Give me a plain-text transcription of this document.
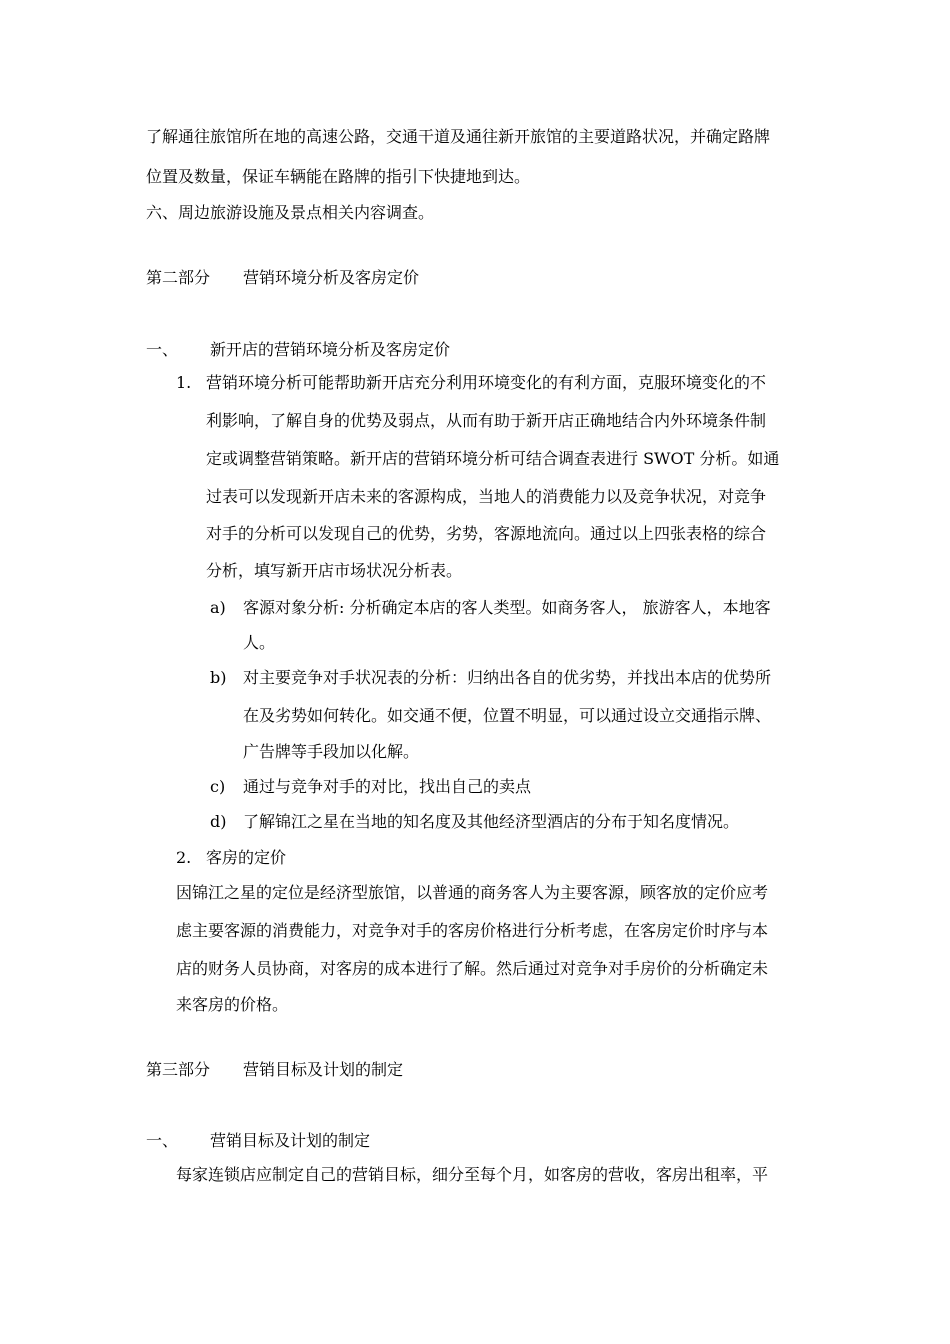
了解通往旅馆所在地的高速公路，交通干道及通往新开旅馆的主要道路状况，并确定路牌
位置及数量，保证车辆能在路牌的指引下快捷地到达。
六、周边旅游设施及景点相关内容调查。
第二部分 营销环境分析及客房定价
一、 新开店的营销环境分析及客房定价
1. 营销环境分析可能帮助新开店充分利用环境变化的有利方面，克服环境变化的不
利影响，了解自身的优势及弱点，从而有助于新开店正确地结合内外环境条件制
定或调整营销策略。新开店的营销环境分析可结合调查表进行 SWOT 分析。如通
过表可以发现新开店未来的客源构成，当地人的消费能力以及竞争状况，对竞争
对手的分析可以发现自己的优势，劣势，客源地流向。通过以上四张表格的综合
分析，填写新开店市场状况分析表。
a) 客源对象分析: 分析确定本店的客人类型。如商务客人， 旅游客人，本地客
人。
b) 对主要竞争对手状况表的分析：归纳出各自的优劣势，并找出本店的优势所
在及劣势如何转化。如交通不便，位置不明显，可以通过设立交通指示牌、
广告牌等手段加以化解。
c) 通过与竞争对手的对比，找出自己的卖点
d) 了解锦江之星在当地的知名度及其他经济型酒店的分布于知名度情况。
2. 客房的定价
因锦江之星的定位是经济型旅馆，以普通的商务客人为主要客源，顾客放的定价应考
虑主要客源的消费能力，对竞争对手的客房价格进行分析考虑，在客房定价时序与本
店的财务人员协商，对客房的成本进行了解。然后通过对竞争对手房价的分析确定未
来客房的价格。
第三部分 营销目标及计划的制定
一、 营销目标及计划的制定
每家连锁店应制定自己的营销目标，细分至每个月，如客房的营收，客房出租率，平
